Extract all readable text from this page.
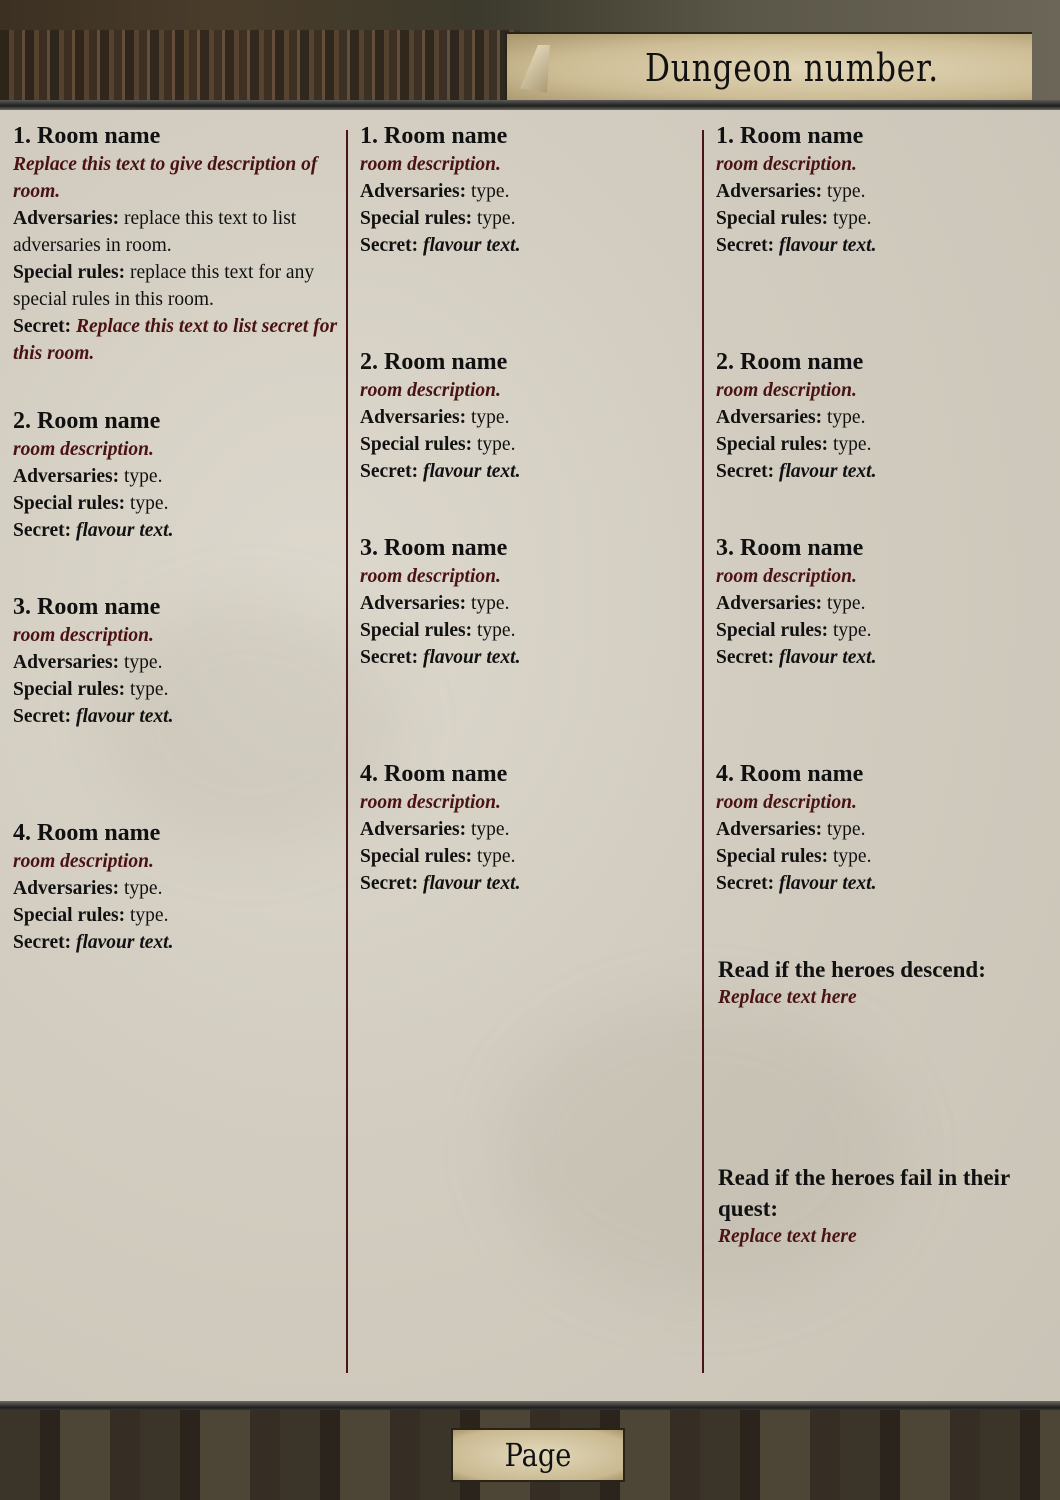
Dungeon number.
1. Room name
Replace this text to give description of room.
Adversaries: replace this text to list adversaries in room.
Special rules: replace this text for any special rules in this room.
Secret: Replace this text to list secret for this room.
2. Room name
room description.
Adversaries: type.
Special rules: type.
Secret: flavour text.
3. Room name
room description.
Adversaries: type.
Special rules: type.
Secret: flavour text.
4. Room name
room description.
Adversaries: type.
Special rules: type.
Secret: flavour text.
1. Room name
room description.
Adversaries: type.
Special rules: type.
Secret: flavour text.
2. Room name
room description.
Adversaries: type.
Special rules: type.
Secret: flavour text.
3. Room name
room description.
Adversaries: type.
Special rules: type.
Secret: flavour text.
4. Room name
room description.
Adversaries: type.
Special rules: type.
Secret: flavour text.
1. Room name
room description.
Adversaries: type.
Special rules: type.
Secret: flavour text.
2. Room name
room description.
Adversaries: type.
Special rules: type.
Secret: flavour text.
3. Room name
room description.
Adversaries: type.
Special rules: type.
Secret: flavour text.
4. Room name
room description.
Adversaries: type.
Special rules: type.
Secret: flavour text.
Read if the heroes descend:
Replace text here
Read if the heroes fail in their quest:
Replace text here
Page
